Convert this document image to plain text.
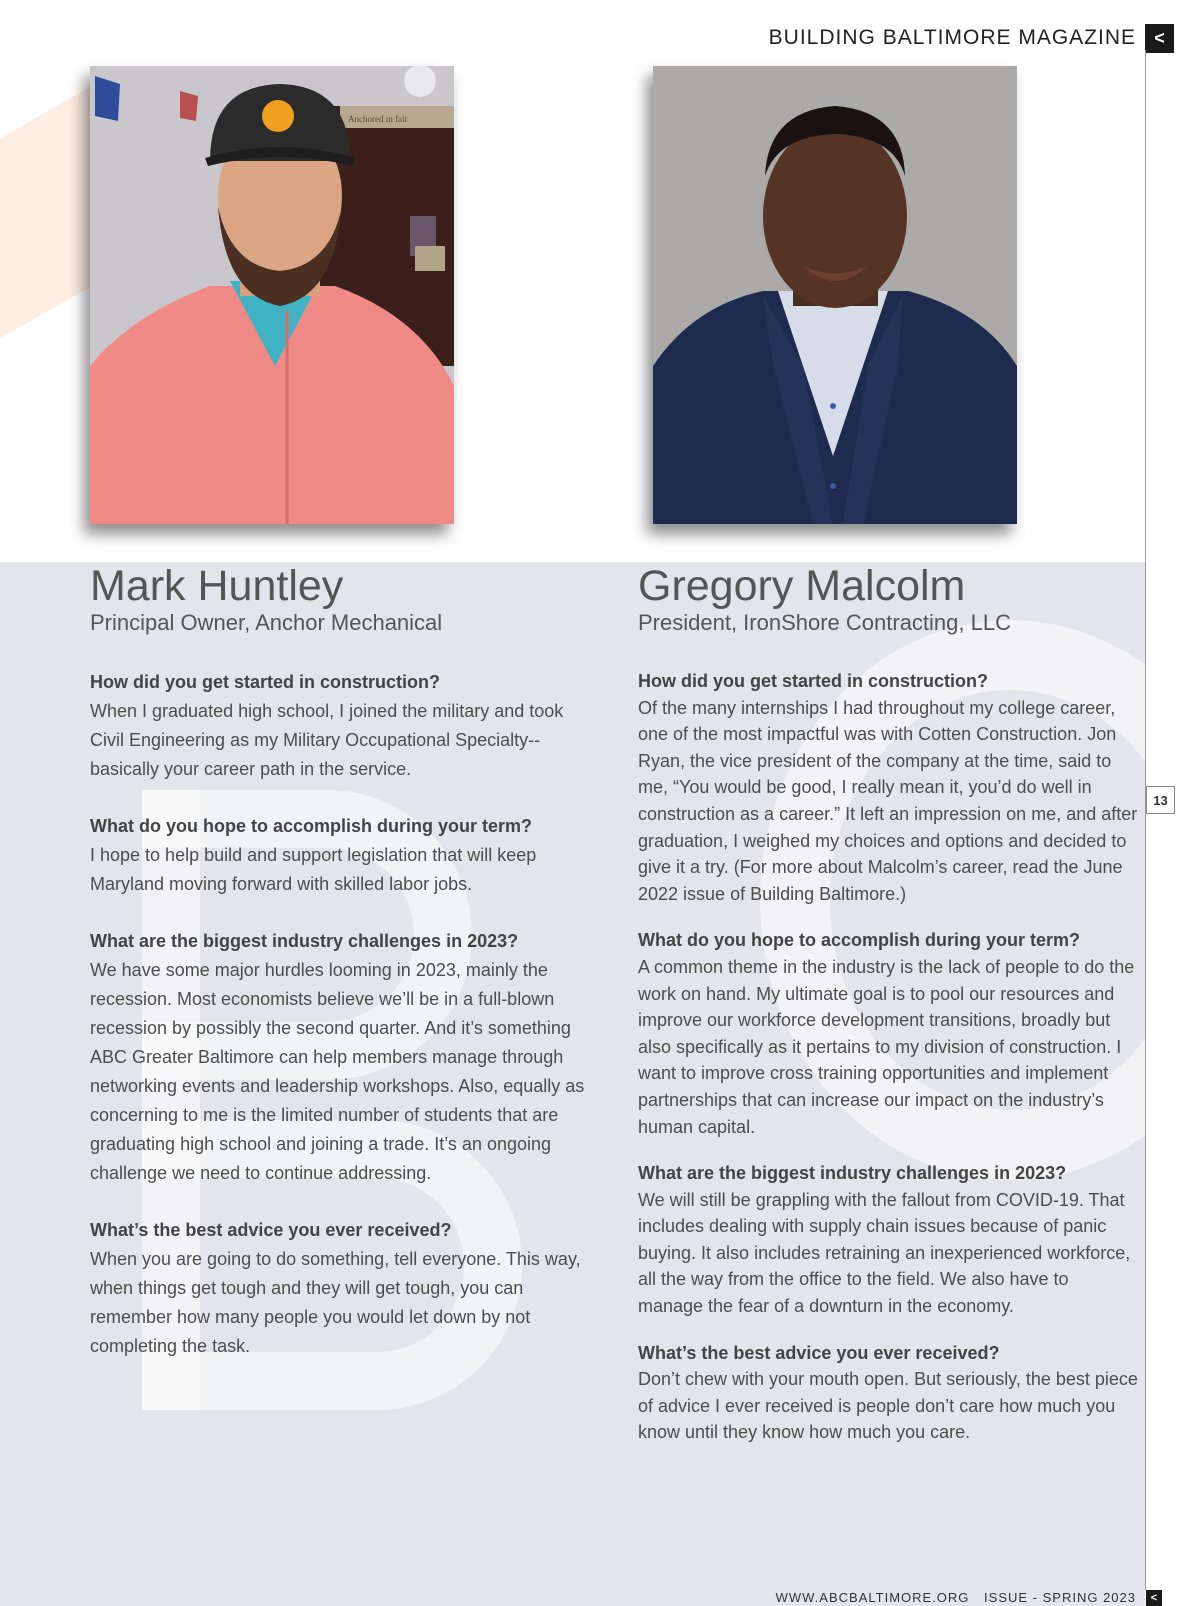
BUILDING BALTIMORE MAGAZINE	<
13
Anchored in fait
Mark Huntley
Principal Owner, Anchor Mechanical
How did you get started in construction?
When I graduated high school, I joined the military and took Civil Engineering as my Military Occupational Specialty--basically your career path in the service.
What do you hope to accomplish during your term?
I hope to help build and support legislation that will keep Maryland moving forward with skilled labor jobs.
What are the biggest industry challenges in 2023?
We have some major hurdles looming in 2023, mainly the recession. Most economists believe we’ll be in a full-blown recession by possibly the second quarter. And it’s something ABC Greater Baltimore can help members manage through networking events and leadership workshops. Also, equally as concerning to me is the limited number of students that are graduating high school and joining a trade. It’s an ongoing challenge we need to continue addressing.
What’s the best advice you ever received?
When you are going to do something, tell everyone. This way, when things get tough and they will get tough, you can remember how many people you would let down by not completing the task.
Gregory Malcolm
President, IronShore Contracting, LLC
How did you get started in construction?
Of the many internships I had throughout my college career, one of the most impactful was with Cotten Construction. Jon Ryan, the vice president of the company at the time, said to me, “You would be good, I really mean it, you’d do well in construction as a career.” It left an impression on me, and after graduation, I weighed my choices and options and decided to give it a try. (For more about Malcolm’s career, read the June 2022 issue of Building Baltimore.)
What do you hope to accomplish during your term?
A common theme in the industry is the lack of people to do the work on hand. My ultimate goal is to pool our resources and improve our workforce development transitions, broadly but also specifically as it pertains to my division of construction. I want to improve cross training opportunities and implement partnerships that can increase our impact on the industry’s human capital.
What are the biggest industry challenges in 2023?
We will still be grappling with the fallout from COVID-19. That includes dealing with supply chain issues because of panic buying. It also includes retraining an inexperienced workforce, all the way from the office to the field. We also have to manage the fear of a downturn in the economy.
What’s the best advice you ever received?
Don’t chew with your mouth open. But seriously, the best piece of advice I ever received is people don’t care how much you know until they know how much you care.
WWW.ABCBALTIMORE.ORG ISSUE - SPRING 2023	<
